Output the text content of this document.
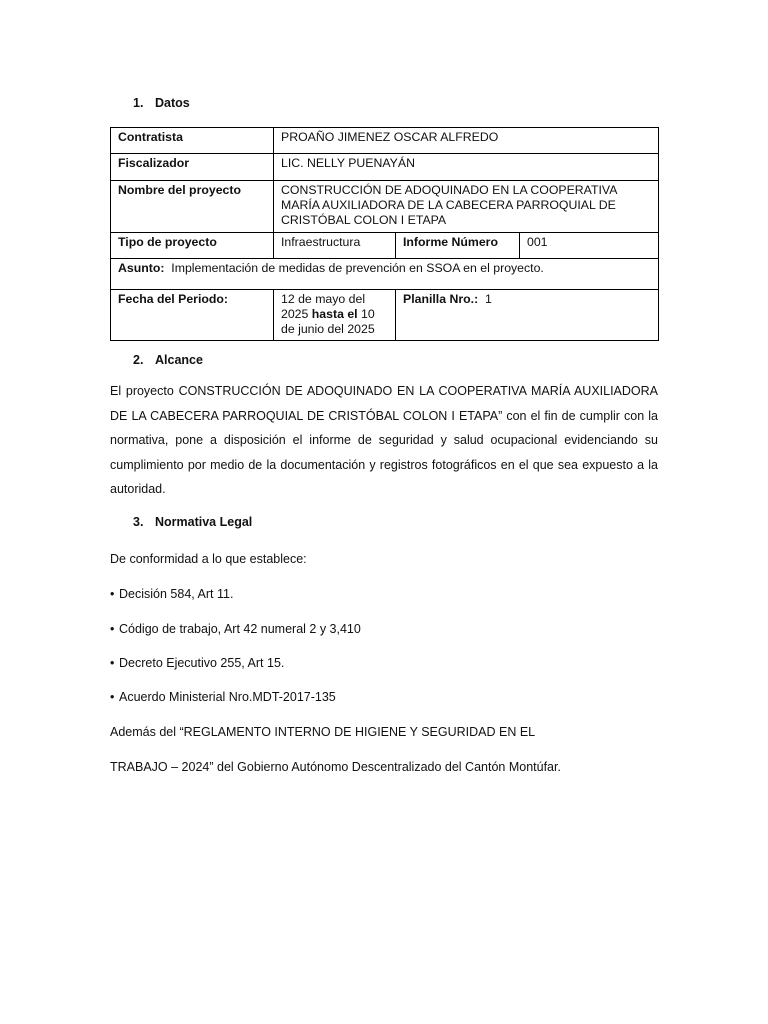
1. Datos
Contratista	PROAÑO JIMENEZ OSCAR ALFREDO		
Fiscalizador	LIC. NELLY PUENAYÁN		
Nombre del proyecto	CONSTRUCCIÓN DE ADOQUINADO EN LA COOPERATIVA MARÍA AUXILIADORA DE LA CABECERA PARROQUIAL DE CRISTÓBAL COLON I ETAPA		
Tipo de proyecto	Infraestructura	Informe Número	001
Asunto: Implementación de medidas de prevención en SSOA en el proyecto.			
Fecha del Periodo:	12 de mayo del 2025 hasta el 10 de junio del 2025	Planilla Nro.: 1	
2. Alcance

El proyecto CONSTRUCCIÓN DE ADOQUINADO EN LA COOPERATIVA MARÍA AUXILIADORA DE LA CABECERA PARROQUIAL DE CRISTÓBAL COLON I ETAPA” con el fin de cumplir con la normativa, pone a disposición el informe de seguridad y salud ocupacional evidenciando su cumplimiento por medio de la documentación y registros fotográficos en el que sea expuesto a la autoridad.

3. Normativa Legal
De conformidad a lo que establece:
• Decisión 584, Art 11.
• Código de trabajo, Art 42 numeral 2 y 3,410
• Decreto Ejecutivo 255, Art 15.
• Acuerdo Ministerial Nro.MDT-2017-135
Además del “REGLAMENTO INTERNO DE HIGIENE Y SEGURIDAD EN EL
TRABAJO – 2024” del Gobierno Autónomo Descentralizado del Cantón Montúfar.
